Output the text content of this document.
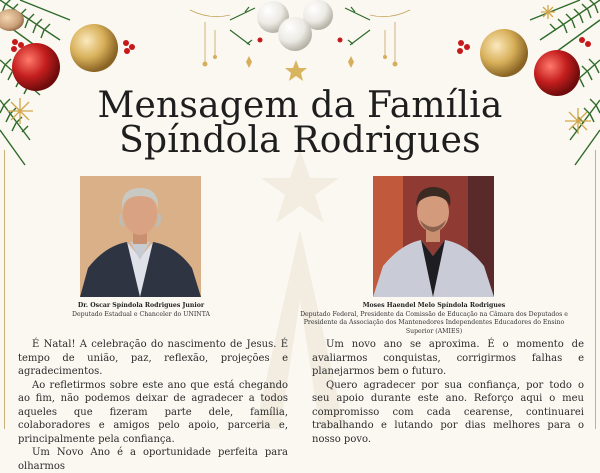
Mensagem da Família
Spíndola Rodrigues
Dr. Oscar Spíndola Rodrigues Junior
Deputado Estadual e Chanceler do UNINTA
Moses Haendel Melo Spíndola Rodrigues
Deputado Federal, Presidente da Comissão de Educação na Câmara dos Deputados e Presidente da Associação dos Mantenedores Independentes Educadores do Ensino Superior (AMIES)

É Natal! A celebração do nascimento de Jesus. É tempo de união, paz, reflexão, projeções e agradecimentos.

Ao refletirmos sobre este ano que está chegando ao fim, não podemos deixar de agradecer a todos aqueles que fizeram parte dele, família, colaboradores e amigos pelo apoio, parceria e, principalmente pela confiança.

Um Novo Ano é a oportunidade perfeita para olharmos

Um novo ano se aproxima. É o momento de avaliarmos conquistas, corrigirmos falhas e planejarmos bem o futuro.

Quero agradecer por sua confiança, por todo o seu apoio durante este ano. Reforço aqui o meu compromisso com cada cearense, continuarei trabalhando e lutando por dias melhores para o nosso povo.
